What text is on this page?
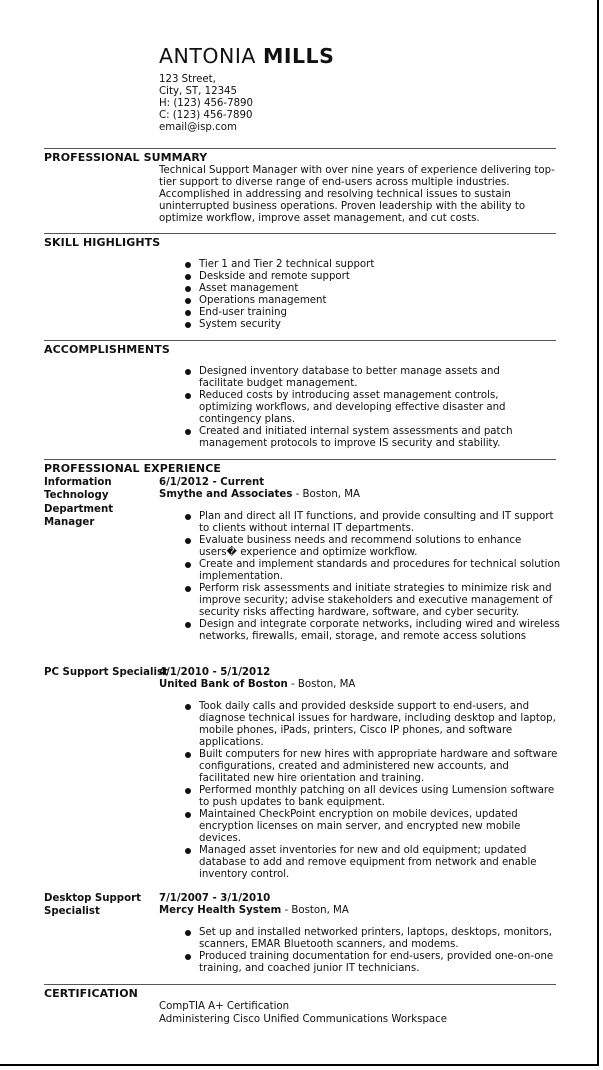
ANTONIA MILLS
123 Street,
City, ST, 12345
H: (123) 456-7890
C: (123) 456-7890
email@isp.com
PROFESSIONAL SUMMARY
Technical Support Manager with over nine years of experience delivering top-tier support to diverse range of end-users across multiple industries. Accomplished in addressing and resolving technical issues to sustain uninterrupted business operations. Proven leadership with the ability to optimize workflow, improve asset management, and cut costs.
SKILL HIGHLIGHTS
Tier 1 and Tier 2 technical support
Deskside and remote support
Asset management
Operations management
End-user training
System security
ACCOMPLISHMENTS
Designed inventory database to better manage assets and facilitate budget management.
Reduced costs by introducing asset management controls, optimizing workflows, and developing effective disaster and contingency plans.
Created and initiated internal system assessments and patch management protocols to improve IS security and stability.
PROFESSIONAL EXPERIENCE
Information Technology Department Manager
6/1/2012 - Current
Smythe and Associates - Boston, MA
Plan and direct all IT functions, and provide consulting and IT support to clients without internal IT departments.
Evaluate business needs and recommend solutions to enhance users� experience and optimize workflow.
Create and implement standards and procedures for technical solution implementation.
Perform risk assessments and initiate strategies to minimize risk and improve security; advise stakeholders and executive management of security risks affecting hardware, software, and cyber security.
Design and integrate corporate networks, including wired and wireless networks, firewalls, email, storage, and remote access solutions
PC Support Specialist
4/1/2010 - 5/1/2012
United Bank of Boston - Boston, MA
Took daily calls and provided deskside support to end-users, and diagnose technical issues for hardware, including desktop and laptop, mobile phones, iPads, printers, Cisco IP phones, and software applications.
Built computers for new hires with appropriate hardware and software configurations, created and administered new accounts, and facilitated new hire orientation and training.
Performed monthly patching on all devices using Lumension software to push updates to bank equipment.
Maintained CheckPoint encryption on mobile devices, updated encryption licenses on main server, and encrypted new mobile devices.
Managed asset inventories for new and old equipment; updated database to add and remove equipment from network and enable inventory control.
Desktop Support Specialist
7/1/2007 - 3/1/2010
Mercy Health System - Boston, MA
Set up and installed networked printers, laptops, desktops, monitors, scanners, EMAR Bluetooth scanners, and modems.
Produced training documentation for end-users, provided one-on-one training, and coached junior IT technicians.
CERTIFICATION
CompTIA A+ Certification
Administering Cisco Unified Communications Workspace
